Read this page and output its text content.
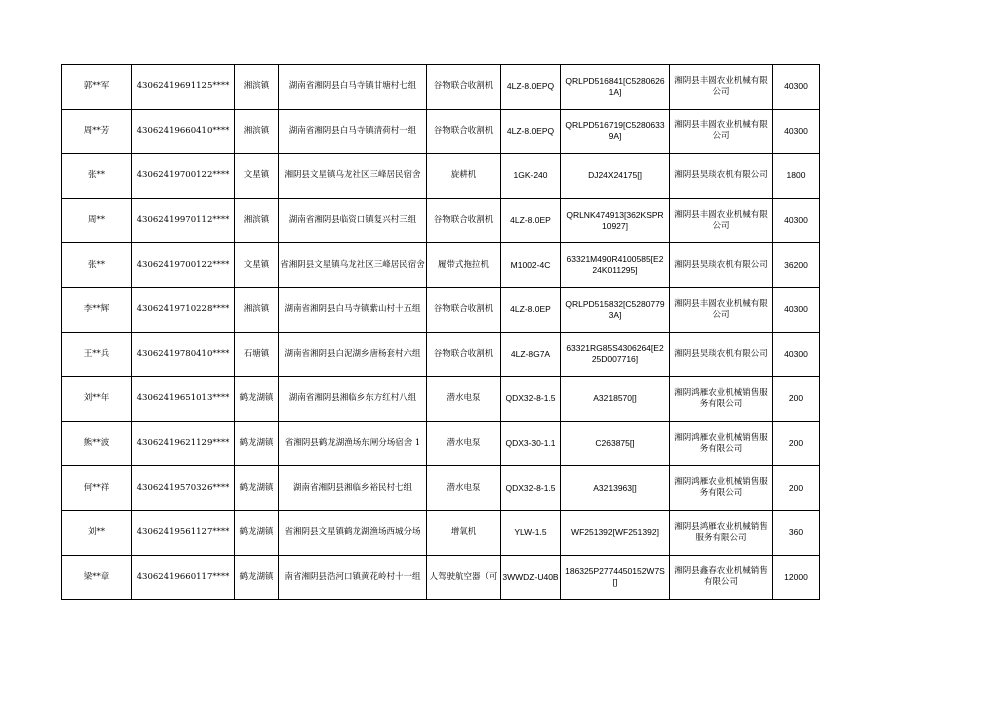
郭**军	43062419691125****	湘滨镇	湖南省湘阴县白马寺镇甘塘村七组	谷物联合收割机	4LZ-8.0EPQ	QRLPD516841[C52806261A]	湘阴县丰圆农业机械有限公司	40300
周**芳	43062419660410****	湘滨镇	湖南省湘阴县白马寺镇清荷村一组	谷物联合收割机	4LZ-8.0EPQ	QRLPD516719[C52806339A]	湘阴县丰圆农业机械有限公司	40300
张**	43062419700122****	文星镇	湘阴县文星镇乌龙社区三峰居民宿舍	旋耕机	1GK-240	DJ24X24175[]	湘阴县昊琰农机有限公司	1800
周**	43062419970112****	湘滨镇	湖南省湘阴县临资口镇复兴村三组	谷物联合收割机	4LZ-8.0EP	QRLNK474913[362KSPR10927]	湘阴县丰圆农业机械有限公司	40300
张**	43062419700122****	文星镇	省湘阴县文星镇乌龙社区三峰居民宿舍	履带式拖拉机	M1002-4C	63321M490R4100585[E224K011295]	湘阴县昊琰农机有限公司	36200
李**辉	43062419710228****	湘滨镇	湖南省湘阴县白马寺镇紫山村十五组	谷物联合收割机	4LZ-8.0EP	QRLPD515832[C52807793A]	湘阴县丰圆农业机械有限公司	40300
王**兵	43062419780410****	石塘镇	湖南省湘阴县白泥湖乡唐杨套村六组	谷物联合收割机	4LZ-8G7A	63321RG85S4306264[E225D007716]	湘阴县昊琰农机有限公司	40300
刘**年	43062419651013****	鹤龙湖镇	湖南省湘阴县湘临乡东方红村八组	潜水电泵	QDX32-8-1.5	A3218570[]	湘阴鸿雁农业机械销售服务有限公司	200
熊**波	43062419621129****	鹤龙湖镇	省湘阴县鹤龙湖渔场东闸分场宿舍 1	潜水电泵	QDX3-30-1.1	C263875[]	湘阴鸿雁农业机械销售服务有限公司	200
何**祥	43062419570326****	鹤龙湖镇	湖南省湘阴县湘临乡裕民村七组	潜水电泵	QDX32-8-1.5	A3213963[]	湘阴鸿雁农业机械销售服务有限公司	200
刘**	43062419561127****	鹤龙湖镇	省湘阴县文星镇鹤龙湖渔场西城分场	增氧机	YLW-1.5	WF251392[WF251392]	湘阴县鸿雁农业机械销售服务有限公司	360
梁**章	43062419660117****	鹤龙湖镇	南省湘阴县浩河口镇黄花岭村十一组	人驾驶航空器（可	3WWDZ-U40B	186325P2774450152W7S[]	湘阴县鑫春农业机械销售有限公司	12000
